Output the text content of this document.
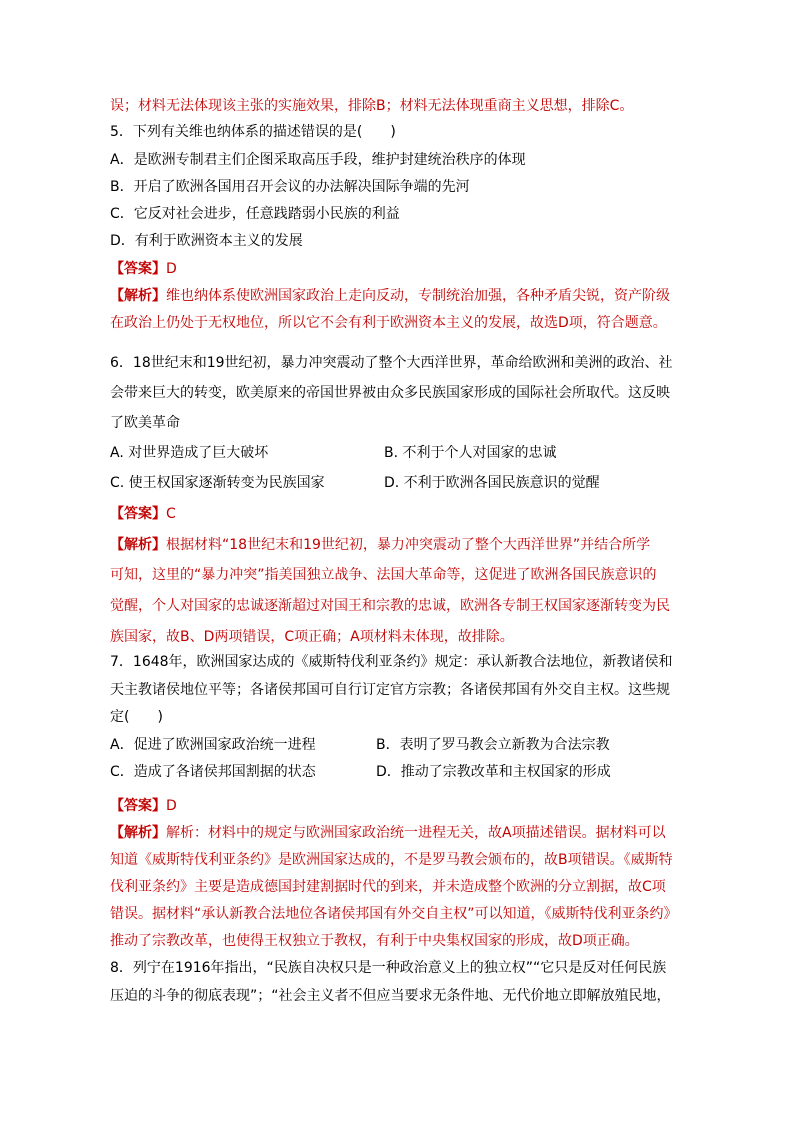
误；材料无法体现该主张的实施效果，排除B；材料无法体现重商主义思想，排除C。
5．下列有关维也纳体系的描述错误的是(　　)
A．是欧洲专制君主们企图采取高压手段，维护封建统治秩序的体现
B．开启了欧洲各国用召开会议的办法解决国际争端的先河
C．它反对社会进步，任意践踏弱小民族的利益
D．有利于欧洲资本主义的发展
【答案】D
【解析】维也纳体系使欧洲国家政治上走向反动，专制统治加强，各种矛盾尖锐，资产阶级
在政治上仍处于无权地位，所以它不会有利于欧洲资本主义的发展，故选D项，符合题意。
6．18世纪末和19世纪初，暴力冲突震动了整个大西洋世界，革命给欧洲和美洲的政治、社
会带来巨大的转变，欧美原来的帝国世界被由众多民族国家形成的国际社会所取代。这反映
了欧美革命
A. 对世界造成了巨大破坏	B. 不利于个人对国家的忠诚
C. 使王权国家逐渐转变为民族国家	D. 不利于欧洲各国民族意识的觉醒
【答案】C
【解析】根据材料“18世纪末和19世纪初，暴力冲突震动了整个大西洋世界”并结合所学
可知，这里的“暴力冲突”指美国独立战争、法国大革命等，这促进了欧洲各国民族意识的
觉醒，个人对国家的忠诚逐渐超过对国王和宗教的忠诚，欧洲各专制王权国家逐渐转变为民
族国家，故B、D两项错误，C项正确；A项材料未体现，故排除。
7．1648年，欧洲国家达成的《威斯特伐利亚条约》规定：承认新教合法地位，新教诸侯和
天主教诸侯地位平等；各诸侯邦国可自行订定官方宗教；各诸侯邦国有外交自主权。这些规
定(　　)
A．促进了欧洲国家政治统一进程	B．表明了罗马教会立新教为合法宗教
C．造成了各诸侯邦国割据的状态	D．推动了宗教改革和主权国家的形成
【答案】D
【解析】解析：材料中的规定与欧洲国家政治统一进程无关，故A项描述错误。据材料可以
知道《威斯特伐利亚条约》是欧洲国家达成的，不是罗马教会颁布的，故B项错误。《威斯特
伐利亚条约》主要是造成德国封建割据时代的到来，并未造成整个欧洲的分立割据，故C项
错误。据材料“承认新教合法地位各诸侯邦国有外交自主权”可以知道，《威斯特伐利亚条约》
推动了宗教改革，也使得王权独立于教权，有利于中央集权国家的形成，故D项正确。
8．列宁在1916年指出，“民族自决权只是一种政治意义上的独立权”“它只是反对任何民族
压迫的斗争的彻底表现”；“社会主义者不但应当要求无条件地、无代价地立即解放殖民地，
